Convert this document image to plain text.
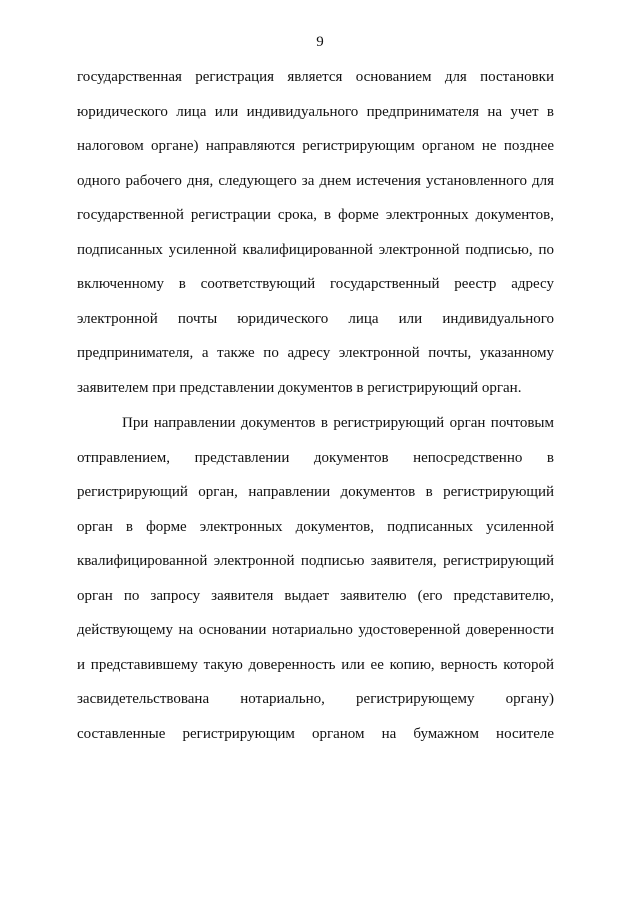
9

государственная регистрация является основанием для постановки
юридического лица или индивидуального предпринимателя на учет в
налоговом органе) направляются регистрирующим органом не позднее
одного рабочего дня, следующего за днем истечения установленного для
государственной регистрации срока, в форме электронных документов,
подписанных усиленной квалифицированной электронной подписью, по
включенному в соответствующий государственный реестр адресу
электронной почты юридического лица или индивидуального
предпринимателя, а также по адресу электронной почты, указанному
заявителем при представлении документов в регистрирующий орган.

При направлении документов в регистрирующий орган почтовым
отправлением, представлении документов непосредственно в
регистрирующий орган, направлении документов в регистрирующий
орган в форме электронных документов, подписанных усиленной
квалифицированной электронной подписью заявителя, регистрирующий
орган по запросу заявителя выдает заявителю (его представителю,
действующему на основании нотариально удостоверенной доверенности
и представившему такую доверенность или ее копию, верность которой
засвидетельствована нотариально, регистрирующему органу)
составленные регистрирующим органом на бумажном носителе
